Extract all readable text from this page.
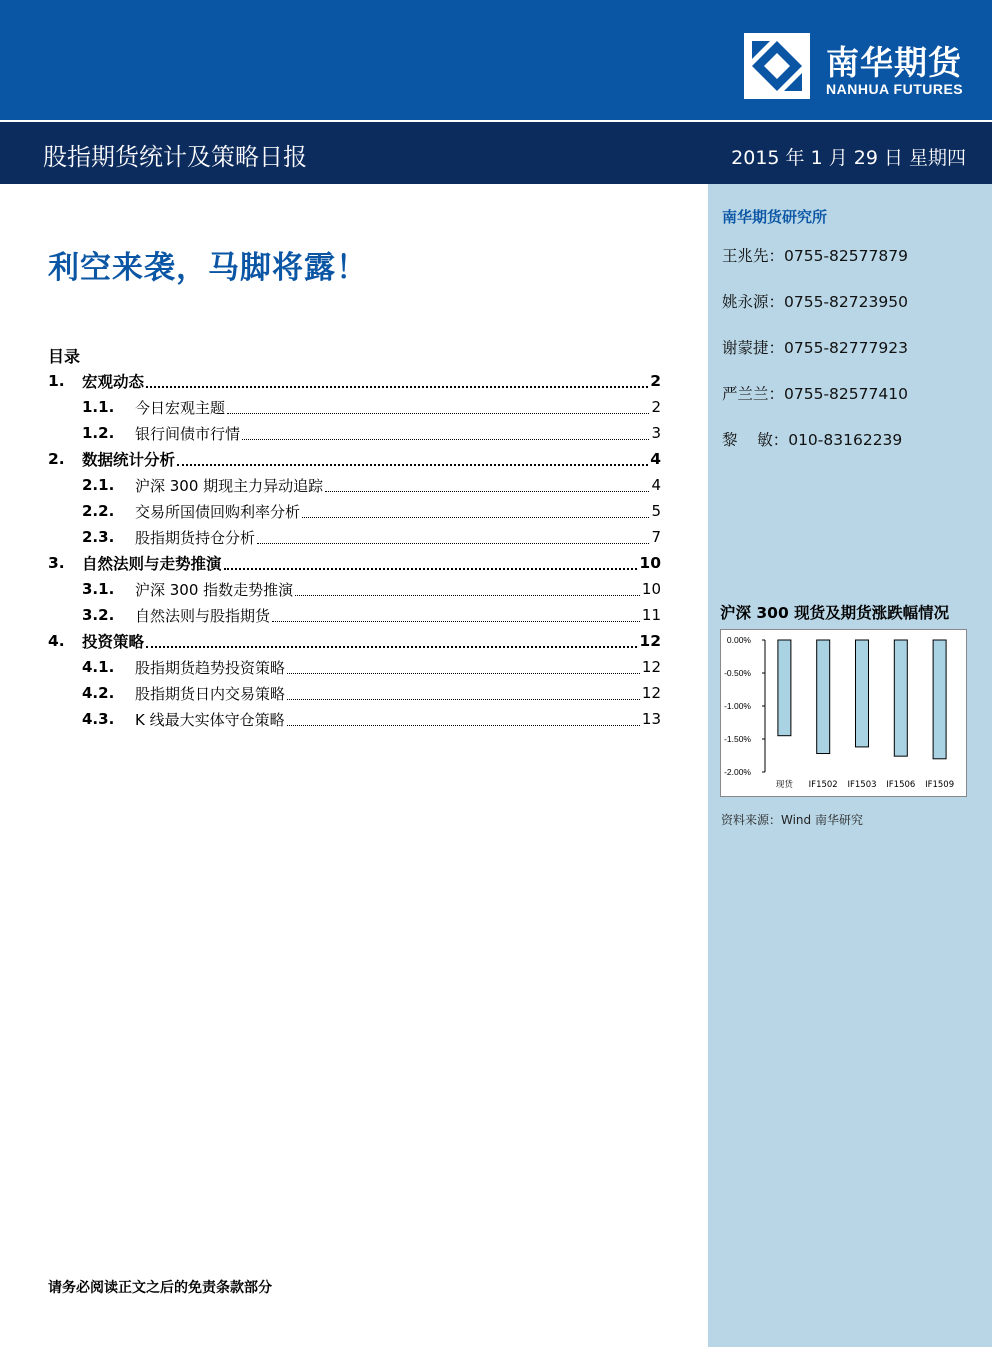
南华期货
NANHUA FUTURES
股指期货统计及策略日报	2015 年 1 月 29 日 星期四
利空来袭，马脚将露！
目录
1.	宏观动态	2
1.1.	今日宏观主题	2
1.2.	银行间债市行情	3
2.	数据统计分析	4
2.1.	沪深 300 期现主力异动追踪	4
2.2.	交易所国债回购利率分析	5
2.3.	股指期货持仓分析	7
3.	自然法则与走势推演	10
3.1.	沪深 300 指数走势推演	10
3.2.	自然法则与股指期货	11
4.	投资策略	12
4.1.	股指期货趋势投资策略	12
4.2.	股指期货日内交易策略	12
4.3.	K 线最大实体守仓策略	13
南华期货研究所
王兆先：0755-82577879
姚永源：0755-82723950
谢蒙捷：0755-82777923
严兰兰：0755-82577410
黎    敏：010-83162239
沪深 300 现货及期货涨跌幅情况
0.00%
-0.50%
-1.00%
-1.50%
-2.00%
现货 IF1502 IF1503 IF1506 IF1509
资料来源：Wind 南华研究
请务必阅读正文之后的免责条款部分
